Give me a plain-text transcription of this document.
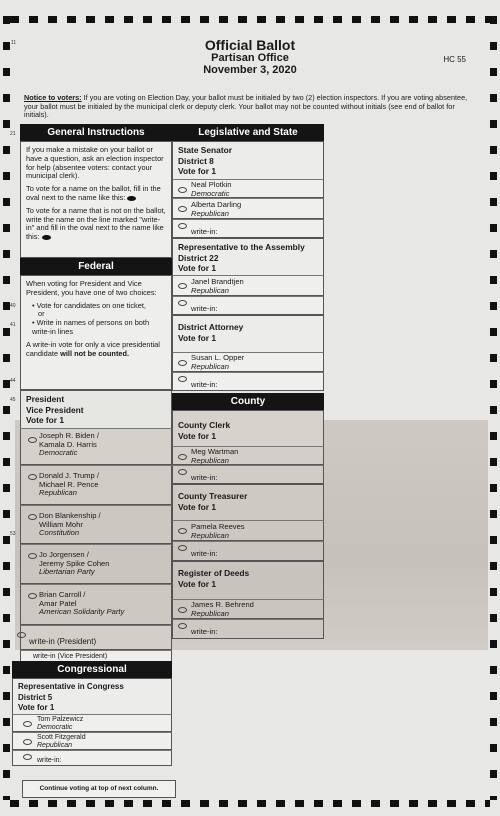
11
21
40
41
44
45
53
Official Ballot
Partisan Office
November 3, 2020
HC 55
Notice to voters: If you are voting on Election Day, your ballot must be initialed by two (2) election inspectors. If you are voting absentee, your ballot must be initialed by the municipal clerk or deputy clerk. Your ballot may not be counted without initials (see end of ballot for initials).
General Instructions

If you make a mistake on your ballot or have a question, ask an election inspector for help (absentee voters: contact your municipal clerk).

To vote for a name on the ballot, fill in the oval next to the name like this:

To vote for a name that is not on the ballot, write the name on the line marked "write-in" and fill in the oval next to the name like this:

Federal

When voting for President and Vice President, you have one of two choices:

• Vote for candidates on one ticket,
or
• Write in names of persons on both write-in lines

A write-in vote for only a vice presidential candidate will not be counted.

President
Vice President
Vote for 1
Joseph R. Biden /
Kamala D. Harris
Democratic
Donald J. Trump /
Michael R. Pence
Republican
Don Blankenship /
William Mohr
Constitution
Jo Jorgensen /
Jeremy Spike Cohen
Libertarian Party
Brian Carroll /
Amar Patel
American Solidarity Party
write-in (President)
write-in (Vice President)
Congressional
Representative in Congress
District 5
Vote for 1
Tom Palzewicz
Democratic
Scott Fitzgerald
Republican
write-in:
Continue voting at top of next column.
Legislative and State
State Senator
District 8
Vote for 1
Neal Plotkin
Democratic
Alberta Darling
Republican
write-in:
Representative to the Assembly
District 22
Vote for 1
Janel Brandtjen
Republican
write-in:
District Attorney
Vote for 1
Susan L. Opper
Republican
write-in:
County
County Clerk
Vote for 1
Meg Wartman
Republican
write-in:
County Treasurer
Vote for 1
Pamela Reeves
Republican
write-in:
Register of Deeds
Vote for 1
James R. Behrend
Republican
write-in:
